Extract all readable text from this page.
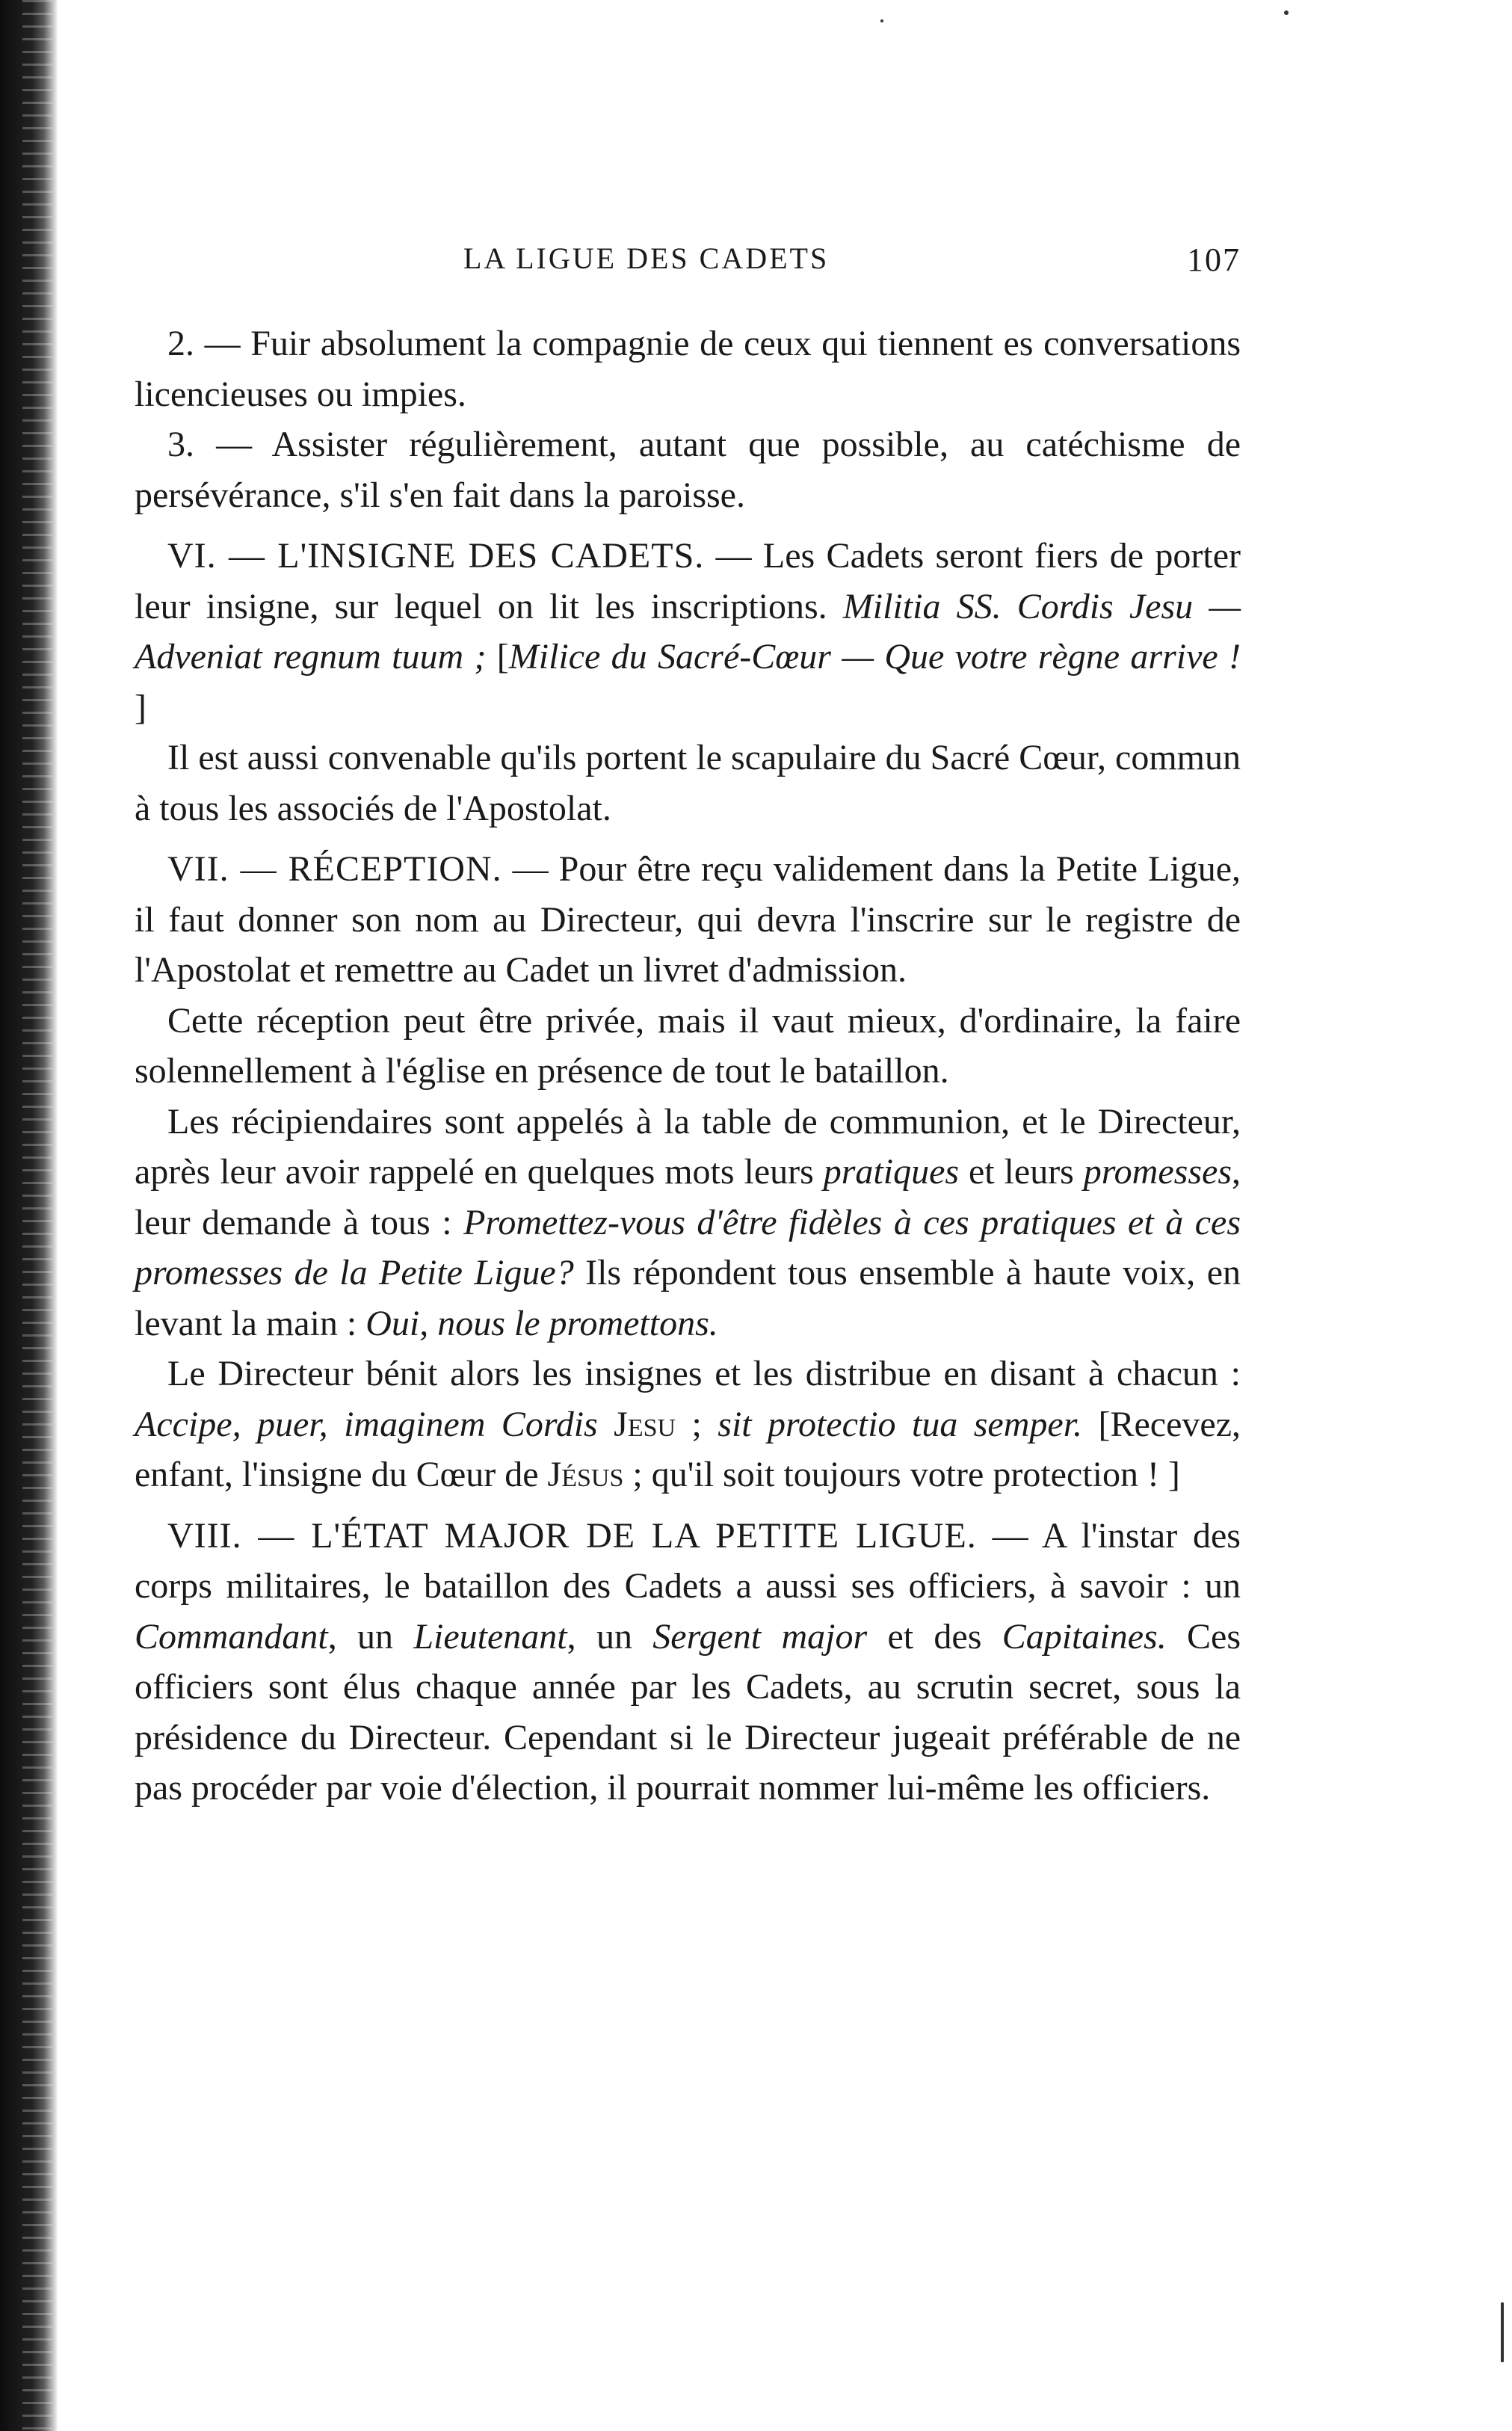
LA LIGUE DES CADETS	107

2. — Fuir absolument la compagnie de ceux qui tiennent es conversations licencieuses ou impies.

3. — Assister régulièrement, autant que possible, au catéchisme de persévérance, s'il s'en fait dans la paroisse.

VI. — L'INSIGNE DES CADETS. — Les Cadets seront fiers de porter leur insigne, sur lequel on lit les inscriptions. Militia SS. Cordis Jesu — Adveniat regnum tuum ; [Milice du Sacré-Cœur — Que votre règne arrive ! ]

Il est aussi convenable qu'ils portent le scapulaire du Sacré Cœur, commun à tous les associés de l'Apostolat.

VII. — RÉCEPTION. — Pour être reçu validement dans la Petite Ligue, il faut donner son nom au Directeur, qui devra l'inscrire sur le registre de l'Apostolat et remettre au Cadet un livret d'admission.

Cette réception peut être privée, mais il vaut mieux, d'ordinaire, la faire solennellement à l'église en présence de tout le bataillon.

Les récipiendaires sont appelés à la table de communion, et le Directeur, après leur avoir rappelé en quelques mots leurs pratiques et leurs promesses, leur demande à tous : Promettez-vous d'être fidèles à ces pratiques et à ces promesses de la Petite Ligue? Ils répondent tous ensemble à haute voix, en levant la main : Oui, nous le promettons.

Le Directeur bénit alors les insignes et les distribue en disant à chacun : Accipe, puer, imaginem Cordis Jesu ; sit protectio tua semper. [Recevez, enfant, l'insigne du Cœur de Jésus ; qu'il soit toujours votre protection ! ]

VIII. — L'ÉTAT MAJOR DE LA PETITE LIGUE. — A l'instar des corps militaires, le bataillon des Cadets a aussi ses officiers, à savoir : un Commandant, un Lieutenant, un Sergent major et des Capitaines. Ces officiers sont élus chaque année par les Cadets, au scrutin secret, sous la présidence du Directeur. Cependant si le Directeur jugeait préférable de ne pas procéder par voie d'élection, il pourrait nommer lui-même les officiers.
